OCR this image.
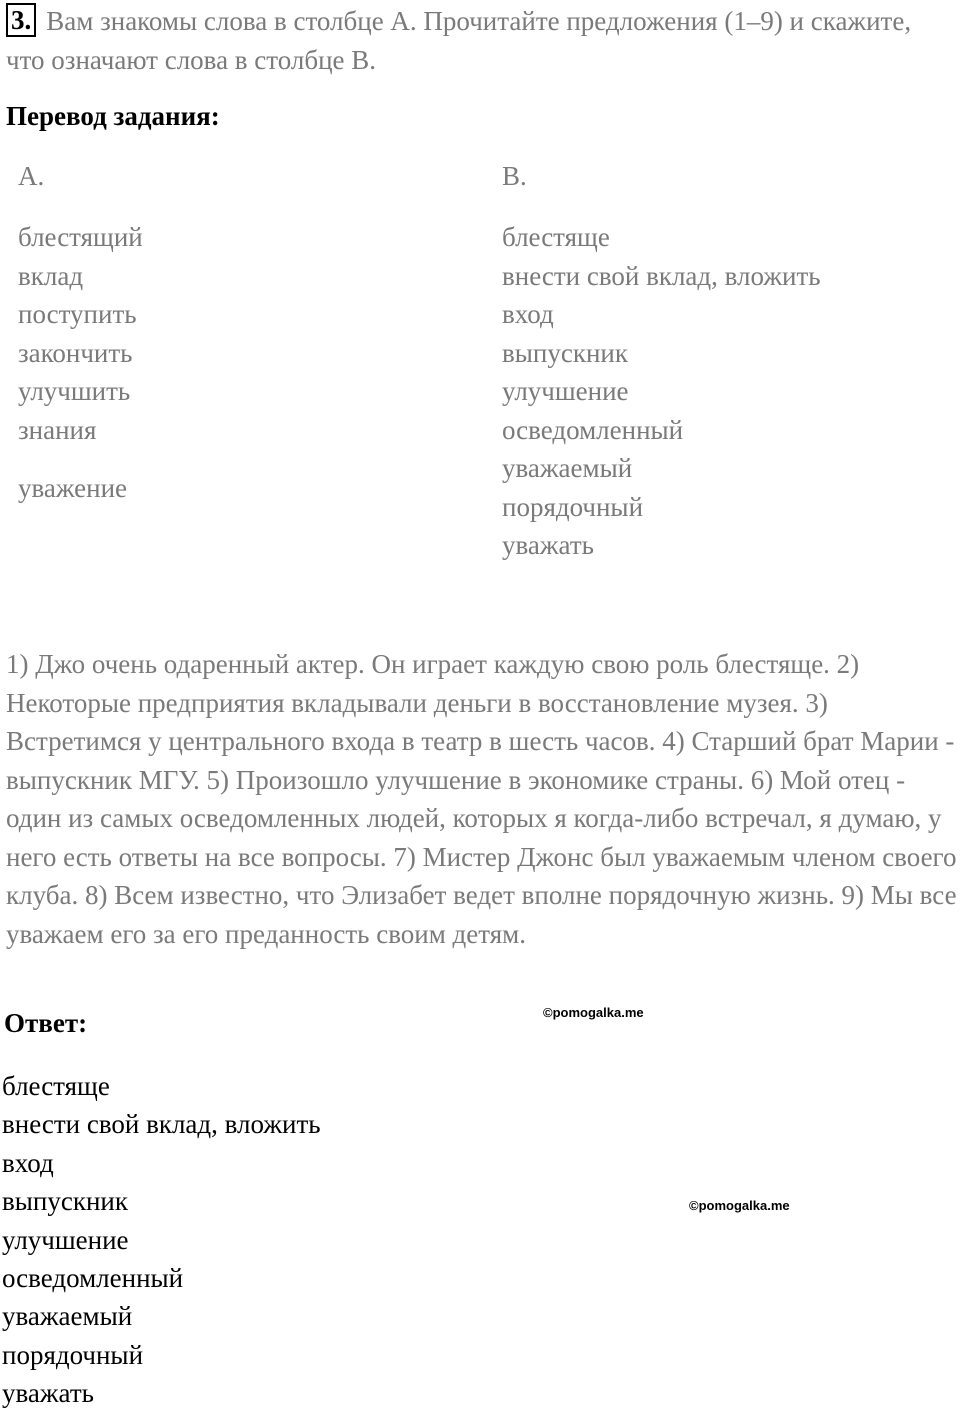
3. Вам знакомы слова в столбце A. Прочитайте предложения (1–9) и скажите, что означают слова в столбце B.
Перевод задания:
A.	B.
блестящий
вклад
поступить
закончить
улучшить
знания
уважение
блестяще
внести свой вклад, вложить
вход
выпускник
улучшение
осведомленный
уважаемый
порядочный
уважать
1) Джо очень одаренный актер. Он играет каждую свою роль блестяще. 2) Некоторые предприятия вкладывали деньги в восстановление музея. 3) Встретимся у центрального входа в театр в шесть часов. 4) Старший брат Марии - выпускник МГУ. 5) Произошло улучшение в экономике страны. 6) Мой отец - один из самых осведомленных людей, которых я когда-либо встречал, я думаю, у него есть ответы на все вопросы. 7) Мистер Джонс был уважаемым членом своего клуба. 8) Всем известно, что Элизабет ведет вполне порядочную жизнь. 9) Мы все уважаем его за его преданность своим детям.
Ответ:	©pomogalka.me
©pomogalka.me
блестяще
внести свой вклад, вложить
вход
выпускник
улучшение
осведомленный
уважаемый
порядочный
уважать
